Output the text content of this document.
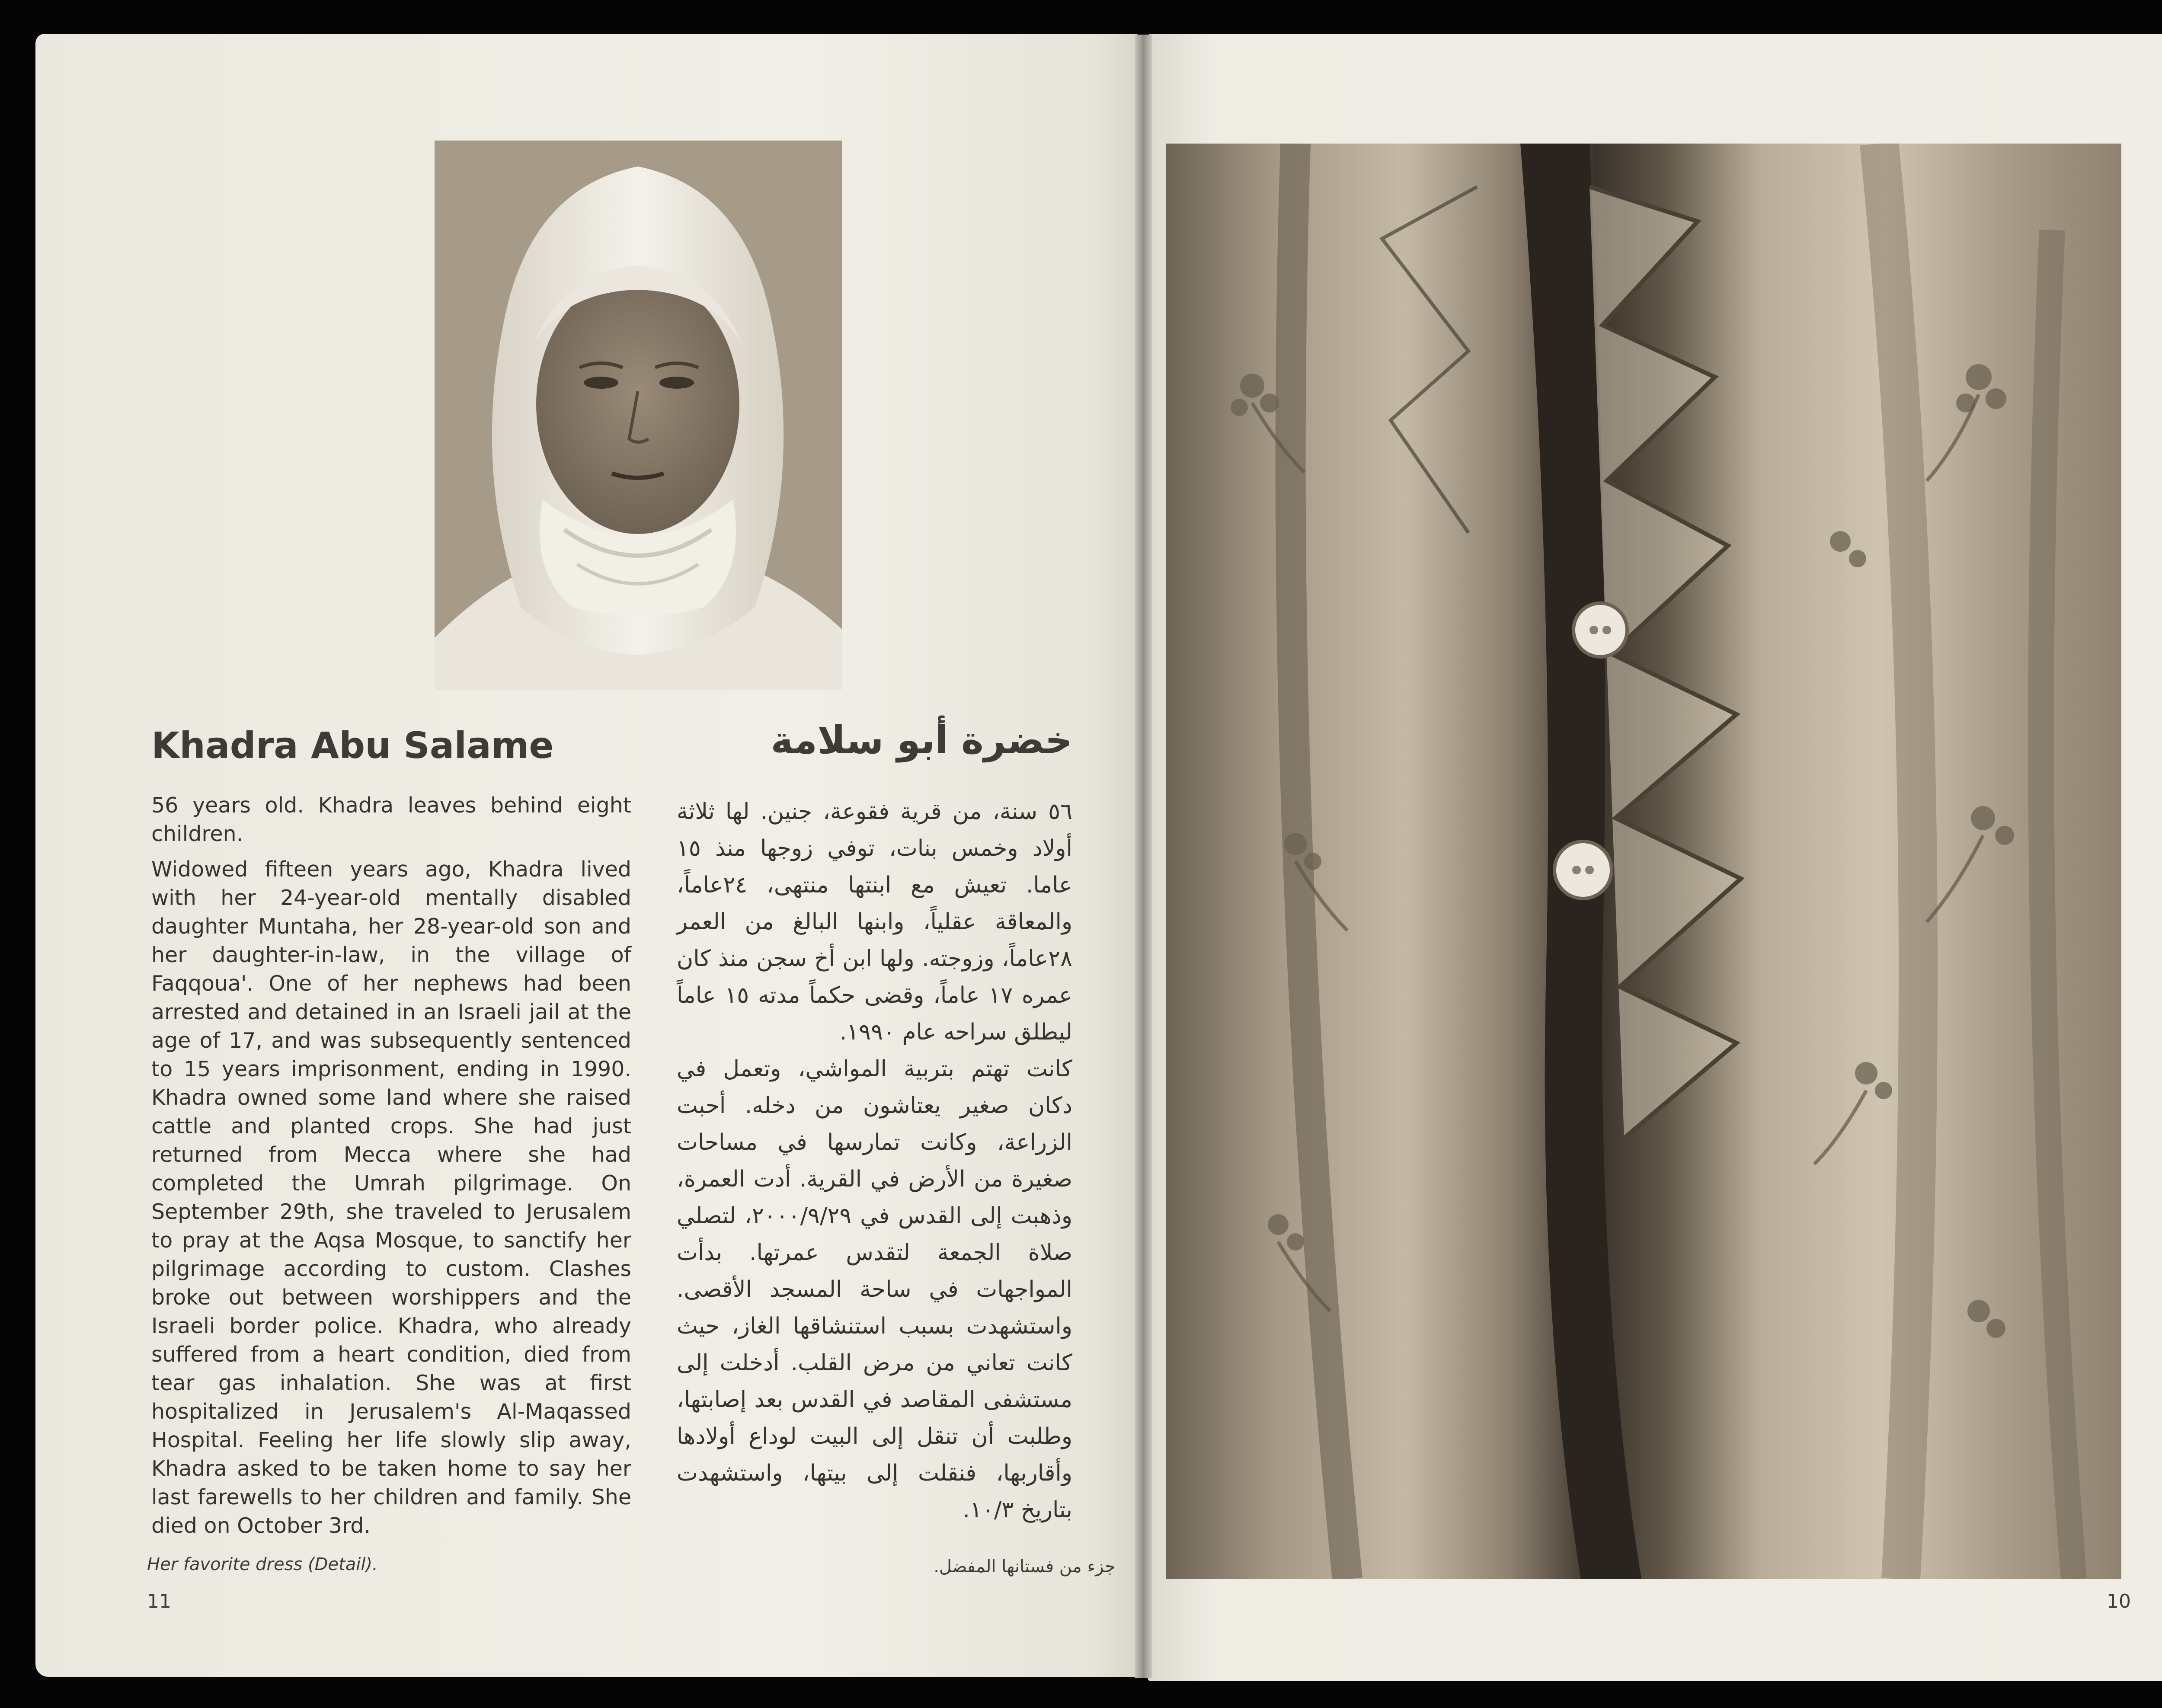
Khadra Abu Salame	خضرة أبو سلامة

56 years old. Khadra leaves behind eight children.

Widowed fifteen years ago, Khadra lived with her 24-year-old mentally disabled daughter Muntaha, her 28-year-old son and her daughter-in-law, in the village of Faqqoua'. One of her nephews had been arrested and detained in an Israeli jail at the age of 17, and was subsequently sentenced to 15 years imprisonment, ending in 1990. Khadra owned some land where she raised cattle and planted crops. She had just returned from Mecca where she had completed the Umrah pilgrimage. On September 29th, she traveled to Jerusalem to pray at the Aqsa Mosque, to sanctify her pilgrimage according to custom. Clashes broke out between worshippers and the Israeli border police. Khadra, who already suffered from a heart condition, died from tear gas inhalation. She was at first hospitalized in Jerusalem's Al-Maqassed Hospital. Feeling her life slowly slip away, Khadra asked to be taken home to say her last farewells to her children and family. She died on October 3rd.

٥٦ سنة، من قرية فقوعة، جنين. لها ثلاثة أولاد وخمس بنات، توفي زوجها منذ ١٥ عاما. تعيش مع ابنتها منتهى، ٢٤عاماً، والمعاقة عقلياً، وابنها البالغ من العمر ٢٨عاماً، وزوجته. ولها ابن أخ سجن منذ كان عمره ١٧ عاماً، وقضى حكماً مدته ١٥ عاماً ليطلق سراحه عام ١٩٩٠.

كانت تهتم بتربية المواشي، وتعمل في دكان صغير يعتاشون من دخله. أحبت الزراعة، وكانت تمارسها في مساحات صغيرة من الأرض في القرية. أدت العمرة، وذهبت إلى القدس في ٢٠٠٠/٩/٢٩، لتصلي صلاة الجمعة لتقدس عمرتها. بدأت المواجهات في ساحة المسجد الأقصى. واستشهدت بسبب استنشاقها الغاز، حيث كانت تعاني من مرض القلب. أدخلت إلى مستشفى المقاصد في القدس بعد إصابتها، وطلبت أن تنقل إلى البيت لوداع أولادها وأقاربها، فنقلت إلى بيتها، واستشهدت بتاريخ ١٠/٣.

Her favorite dress (Detail).	جزء من فستانها المفضل.
11	10
